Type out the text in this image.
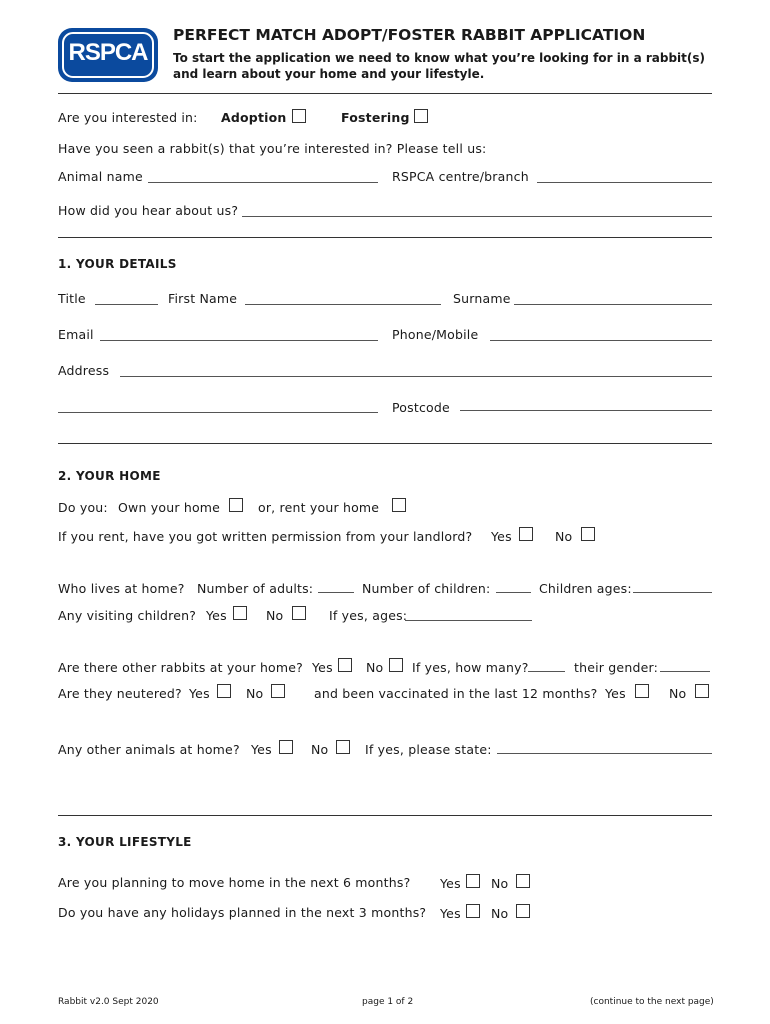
RSPCA
PERFECT MATCH ADOPT/FOSTER RABBIT APPLICATION
To start the application we need to know what you’re looking for in a rabbit(s)
and learn about your home and your lifestyle.
Are you interested in: Adoption	Fostering
Have you seen a rabbit(s) that you’re interested in? Please tell us:
Animal name	RSPCA centre/branch
How did you hear about us?
1. YOUR DETAILS
Title	First Name	Surname
Email	Phone/Mobile
Address
Postcode
2. YOUR HOME
Do you: Own your home	or, rent your home
If you rent, have you got written permission from your landlord? Yes	No
Who lives at home? Number of adults:	Number of children:	Children ages:
Any visiting children? Yes	No	If yes, ages:
Are there other rabbits at your home? Yes	No If yes, how many?	their gender:
Are they neutered? Yes	No	and been vaccinated in the last 12 months? Yes	No
Any other animals at home? Yes	No	If yes, please state:
3. YOUR LIFESTYLE
Are you planning to move home in the next 6 months? Yes No
Do you have any holidays planned in the next 3 months? Yes No
Rabbit v2.0 Sept 2020	page 1 of 2	(continue to the next page)
